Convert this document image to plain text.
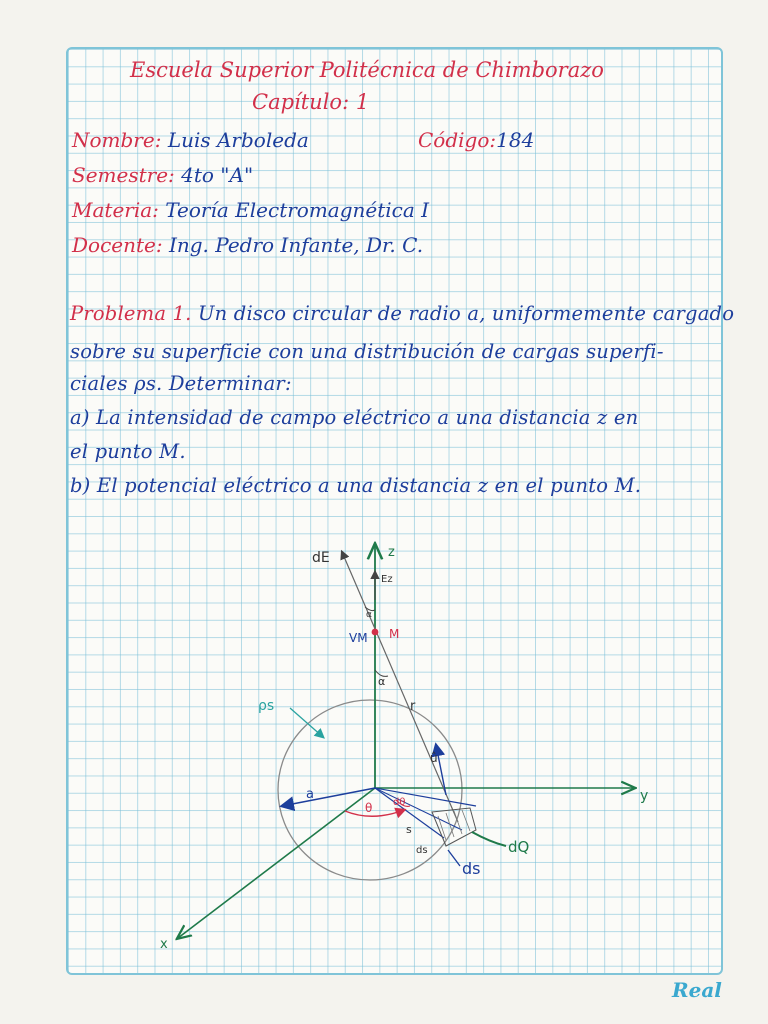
Escuela Superior Politécnica de Chimborazo
Capítulo: 1
Nombre: Luis Arboleda	Código:184
Semestre: 4to "A"
Materia: Teoría Electromagnética I
Docente: Ing. Pedro Infante, Dr. C.
Problema 1. Un disco circular de radio a, uniformemente cargado
sobre su superficie con una distribución de cargas superfi-
ciales ρs. Determinar:
a) La intensidad de campo eléctrico a una distancia z en
el punto M.
b) El potencial eléctrico a una distancia z en el punto M.
dE	z
Ez
VM M
α
α
r
ρs
û
a
θ dθ
s
ds	dQ
ds
y
x
Real
